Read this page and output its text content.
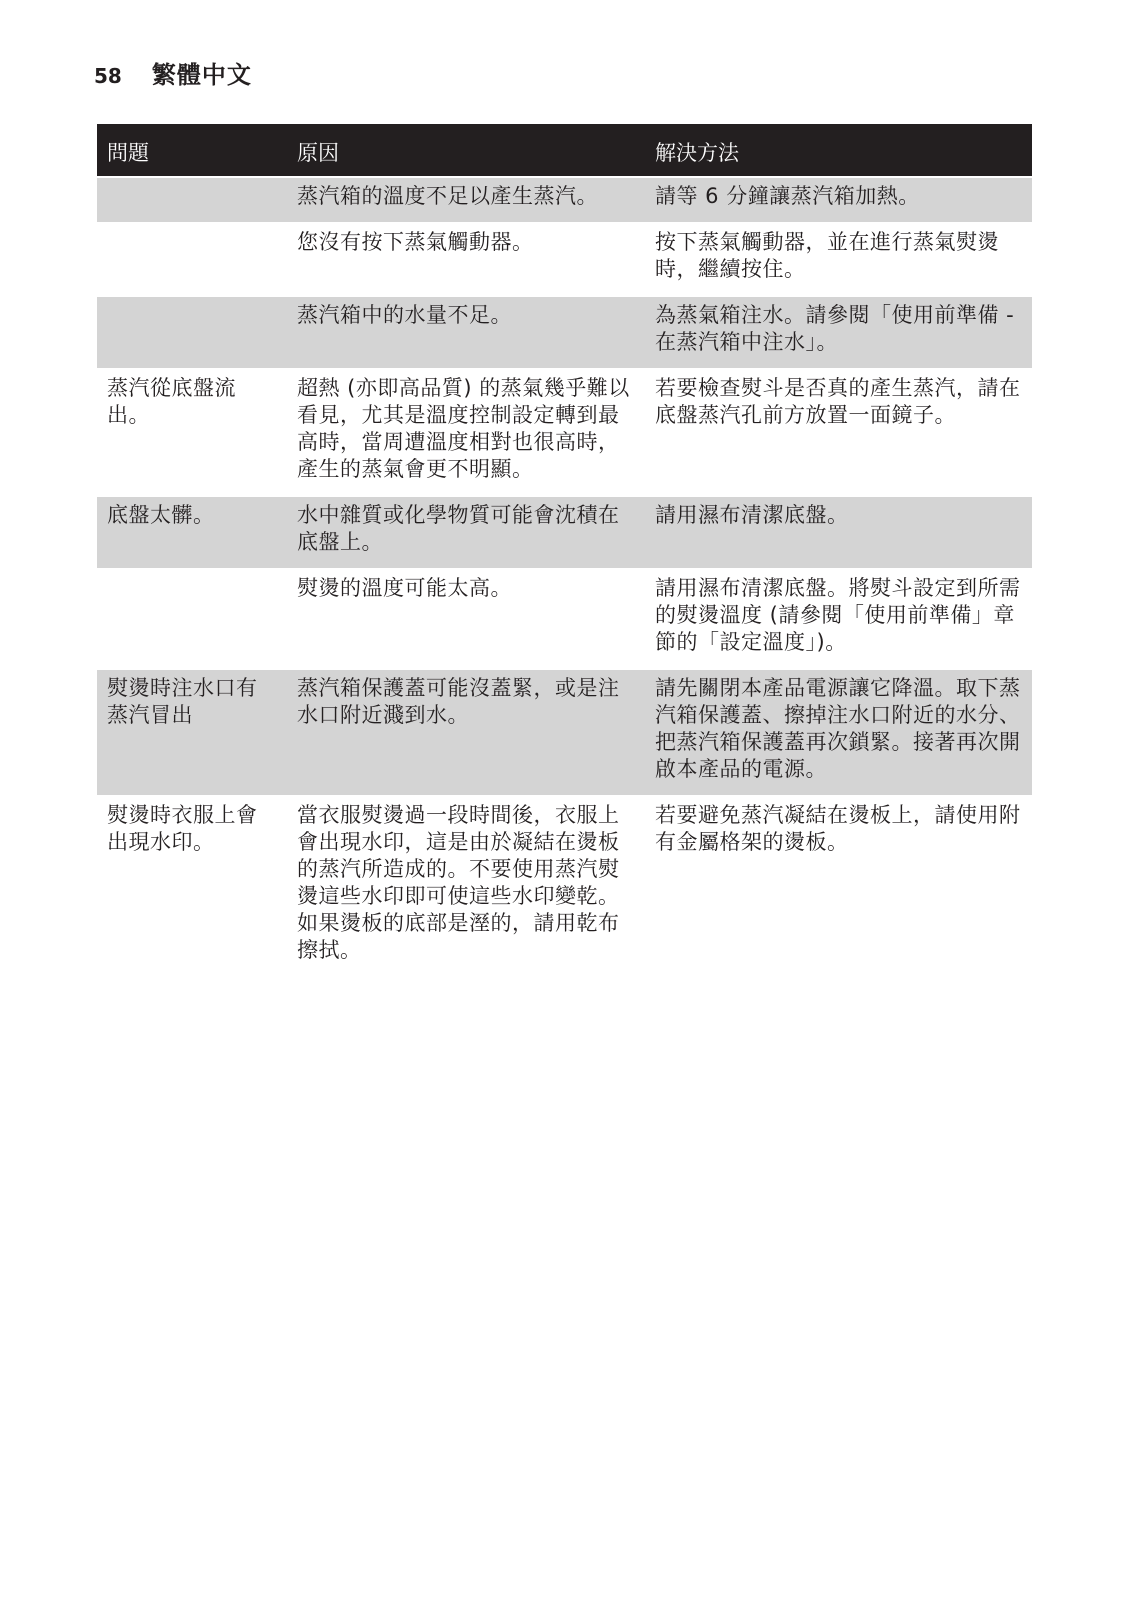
58 繁體中文
問題	原因	解決方法
	蒸汽箱的溫度不足以產生蒸汽。	請等 6 分鐘讓蒸汽箱加熱。
	您沒有按下蒸氣觸動器。	按下蒸氣觸動器，並在進行蒸氣熨燙時，繼續按住。
	蒸汽箱中的水量不足。	為蒸氣箱注水。請參閱「使用前準備 - 在蒸汽箱中注水」。
蒸汽從底盤流出。	超熱 (亦即高品質) 的蒸氣幾乎難以看見，尤其是溫度控制設定轉到最高時，當周遭溫度相對也很高時，產生的蒸氣會更不明顯。	若要檢查熨斗是否真的產生蒸汽，請在底盤蒸汽孔前方放置一面鏡子。
底盤太髒。	水中雜質或化學物質可能會沈積在底盤上。	請用濕布清潔底盤。
	熨燙的溫度可能太高。	請用濕布清潔底盤。將熨斗設定到所需的熨燙溫度 (請參閱「使用前準備」章節的「設定溫度」)。
熨燙時注水口有蒸汽冒出	蒸汽箱保護蓋可能沒蓋緊，或是注水口附近濺到水。	請先關閉本產品電源讓它降溫。取下蒸汽箱保護蓋、擦掉注水口附近的水分、把蒸汽箱保護蓋再次鎖緊。接著再次開啟本產品的電源。
熨燙時衣服上會出現水印。	當衣服熨燙過一段時間後，衣服上會出現水印，這是由於凝結在燙板的蒸汽所造成的。不要使用蒸汽熨燙這些水印即可使這些水印變乾。如果燙板的底部是溼的，請用乾布擦拭。	若要避免蒸汽凝結在燙板上，請使用附有金屬格架的燙板。
